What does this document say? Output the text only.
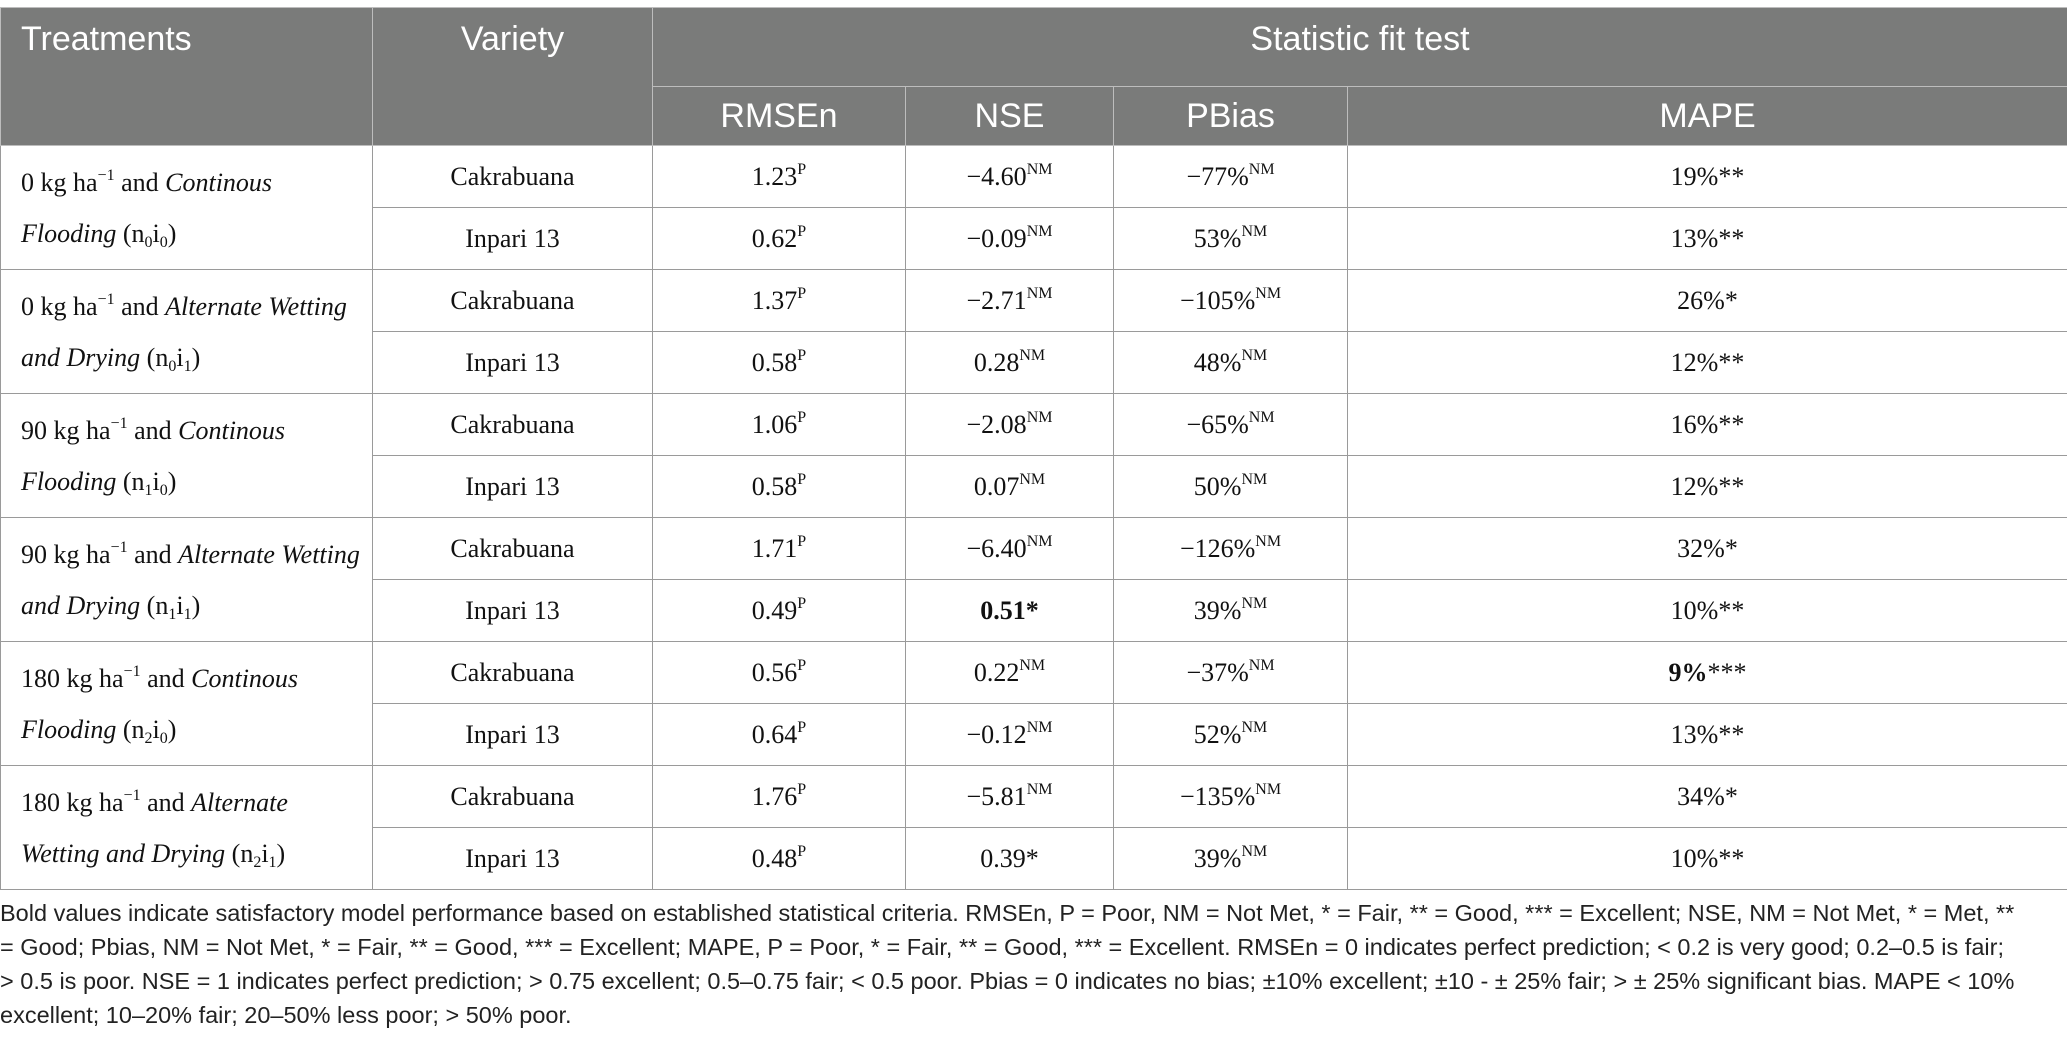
Treatments	Variety	Statistic fit test			
		RMSEn	NSE	PBias	MAPE
0 kg $ha^{-1}$ and Continous Flooding $(n_0i_0)$	Cakrabuana	$1.23^P$	$-4.60^{NM}$	−77%$^{NM}$	19%**
	Inpari 13	$0.62^P$	$-0.09^{NM}$	53%$^{NM}$	13%**
0 kg $ha^{-1}$ and Alternate Wetting and Drying $(n_0i_1)$	Cakrabuana	$1.37^P$	$-2.71^{NM}$	−105%$^{NM}$	26%*
	Inpari 13	$0.58^P$	$0.28^{NM}$	48%$^{NM}$	12%**
90 kg $ha^{-1}$ and Continous Flooding $(n_1i_0)$	Cakrabuana	$1.06^P$	$-2.08^{NM}$	−65%$^{NM}$	16%**
	Inpari 13	$0.58^P$	$0.07^{NM}$	50%$^{NM}$	12%**
90 kg $ha^{-1}$ and Alternate Wetting and Drying $(n_1i_1)$	Cakrabuana	$1.71^P$	$-6.40^{NM}$	−126%$^{NM}$	32%*
	Inpari 13	$0.49^P$	0.51*	39%$^{NM}$	10%**
180 kg $ha^{-1}$ and Continous Flooding $(n_2i_0)$	Cakrabuana	$0.56^P$	$0.22^{NM}$	−37%$^{NM}$	9%***
	Inpari 13	$0.64^P$	$-0.12^{NM}$	52%$^{NM}$	13%**
180 kg $ha^{-1}$ and Alternate Wetting and Drying $(n_2i_1)$	Cakrabuana	$1.76^P$	$-5.81^{NM}$	−135%$^{NM}$	34%*
	Inpari 13	$0.48^P$	0.39*	39%$^{NM}$	10%**
Bold values indicate satisfactory model performance based on established statistical criteria. RMSEn, P = Poor, NM = Not Met, * = Fair, ** = Good, *** = Excellent; NSE, NM = Not Met, * = Met, ** = Good; Pbias, NM = Not Met, * = Fair, ** = Good, *** = Excellent; MAPE, P = Poor, * = Fair, ** = Good, *** = Excellent. RMSEn = 0 indicates perfect prediction; < 0.2 is very good; 0.2–0.5 is fair; > 0.5 is poor. NSE = 1 indicates perfect prediction; > 0.75 excellent; 0.5–0.75 fair; < 0.5 poor. Pbias = 0 indicates no bias; ±10% excellent; ±10 - ± 25% fair; > ± 25% significant bias. MAPE < 10% excellent; 10–20% fair; 20–50% less poor; > 50% poor.
